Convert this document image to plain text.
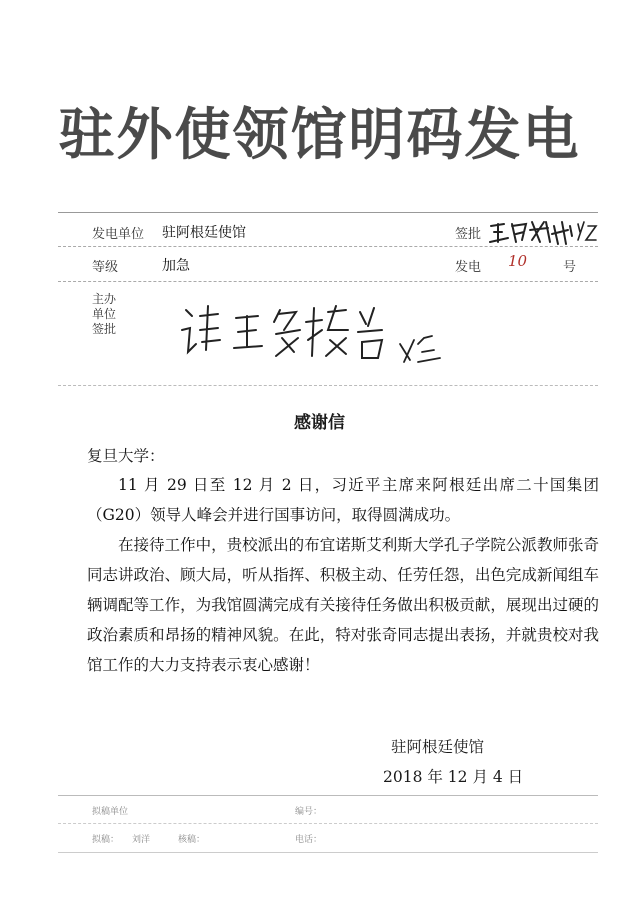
驻外使领馆明码发电
发电单位 驻阿根廷使馆	签批
等级	加急	发电 10	号
主办
单位
签批
感谢信
复旦大学：

11 月 29 日至 12 月 2 日，习近平主席来阿根廷出席二十国集团（G20）领导人峰会并进行国事访问，取得圆满成功。

在接待工作中，贵校派出的布宜诺斯艾利斯大学孔子学院公派教师张奇同志讲政治、顾大局，听从指挥、积极主动、任劳任怨，出色完成新闻组车辆调配等工作，为我馆圆满完成有关接待任务做出积极贡献，展现出过硬的政治素质和昂扬的精神风貌。在此，特对张奇同志提出表扬，并就贵校对我馆工作的大力支持表示衷心感谢！

驻阿根廷使馆
2018 年 12 月 4 日
拟稿单位	编号：
拟稿： 刘洋	核稿：	电话：
